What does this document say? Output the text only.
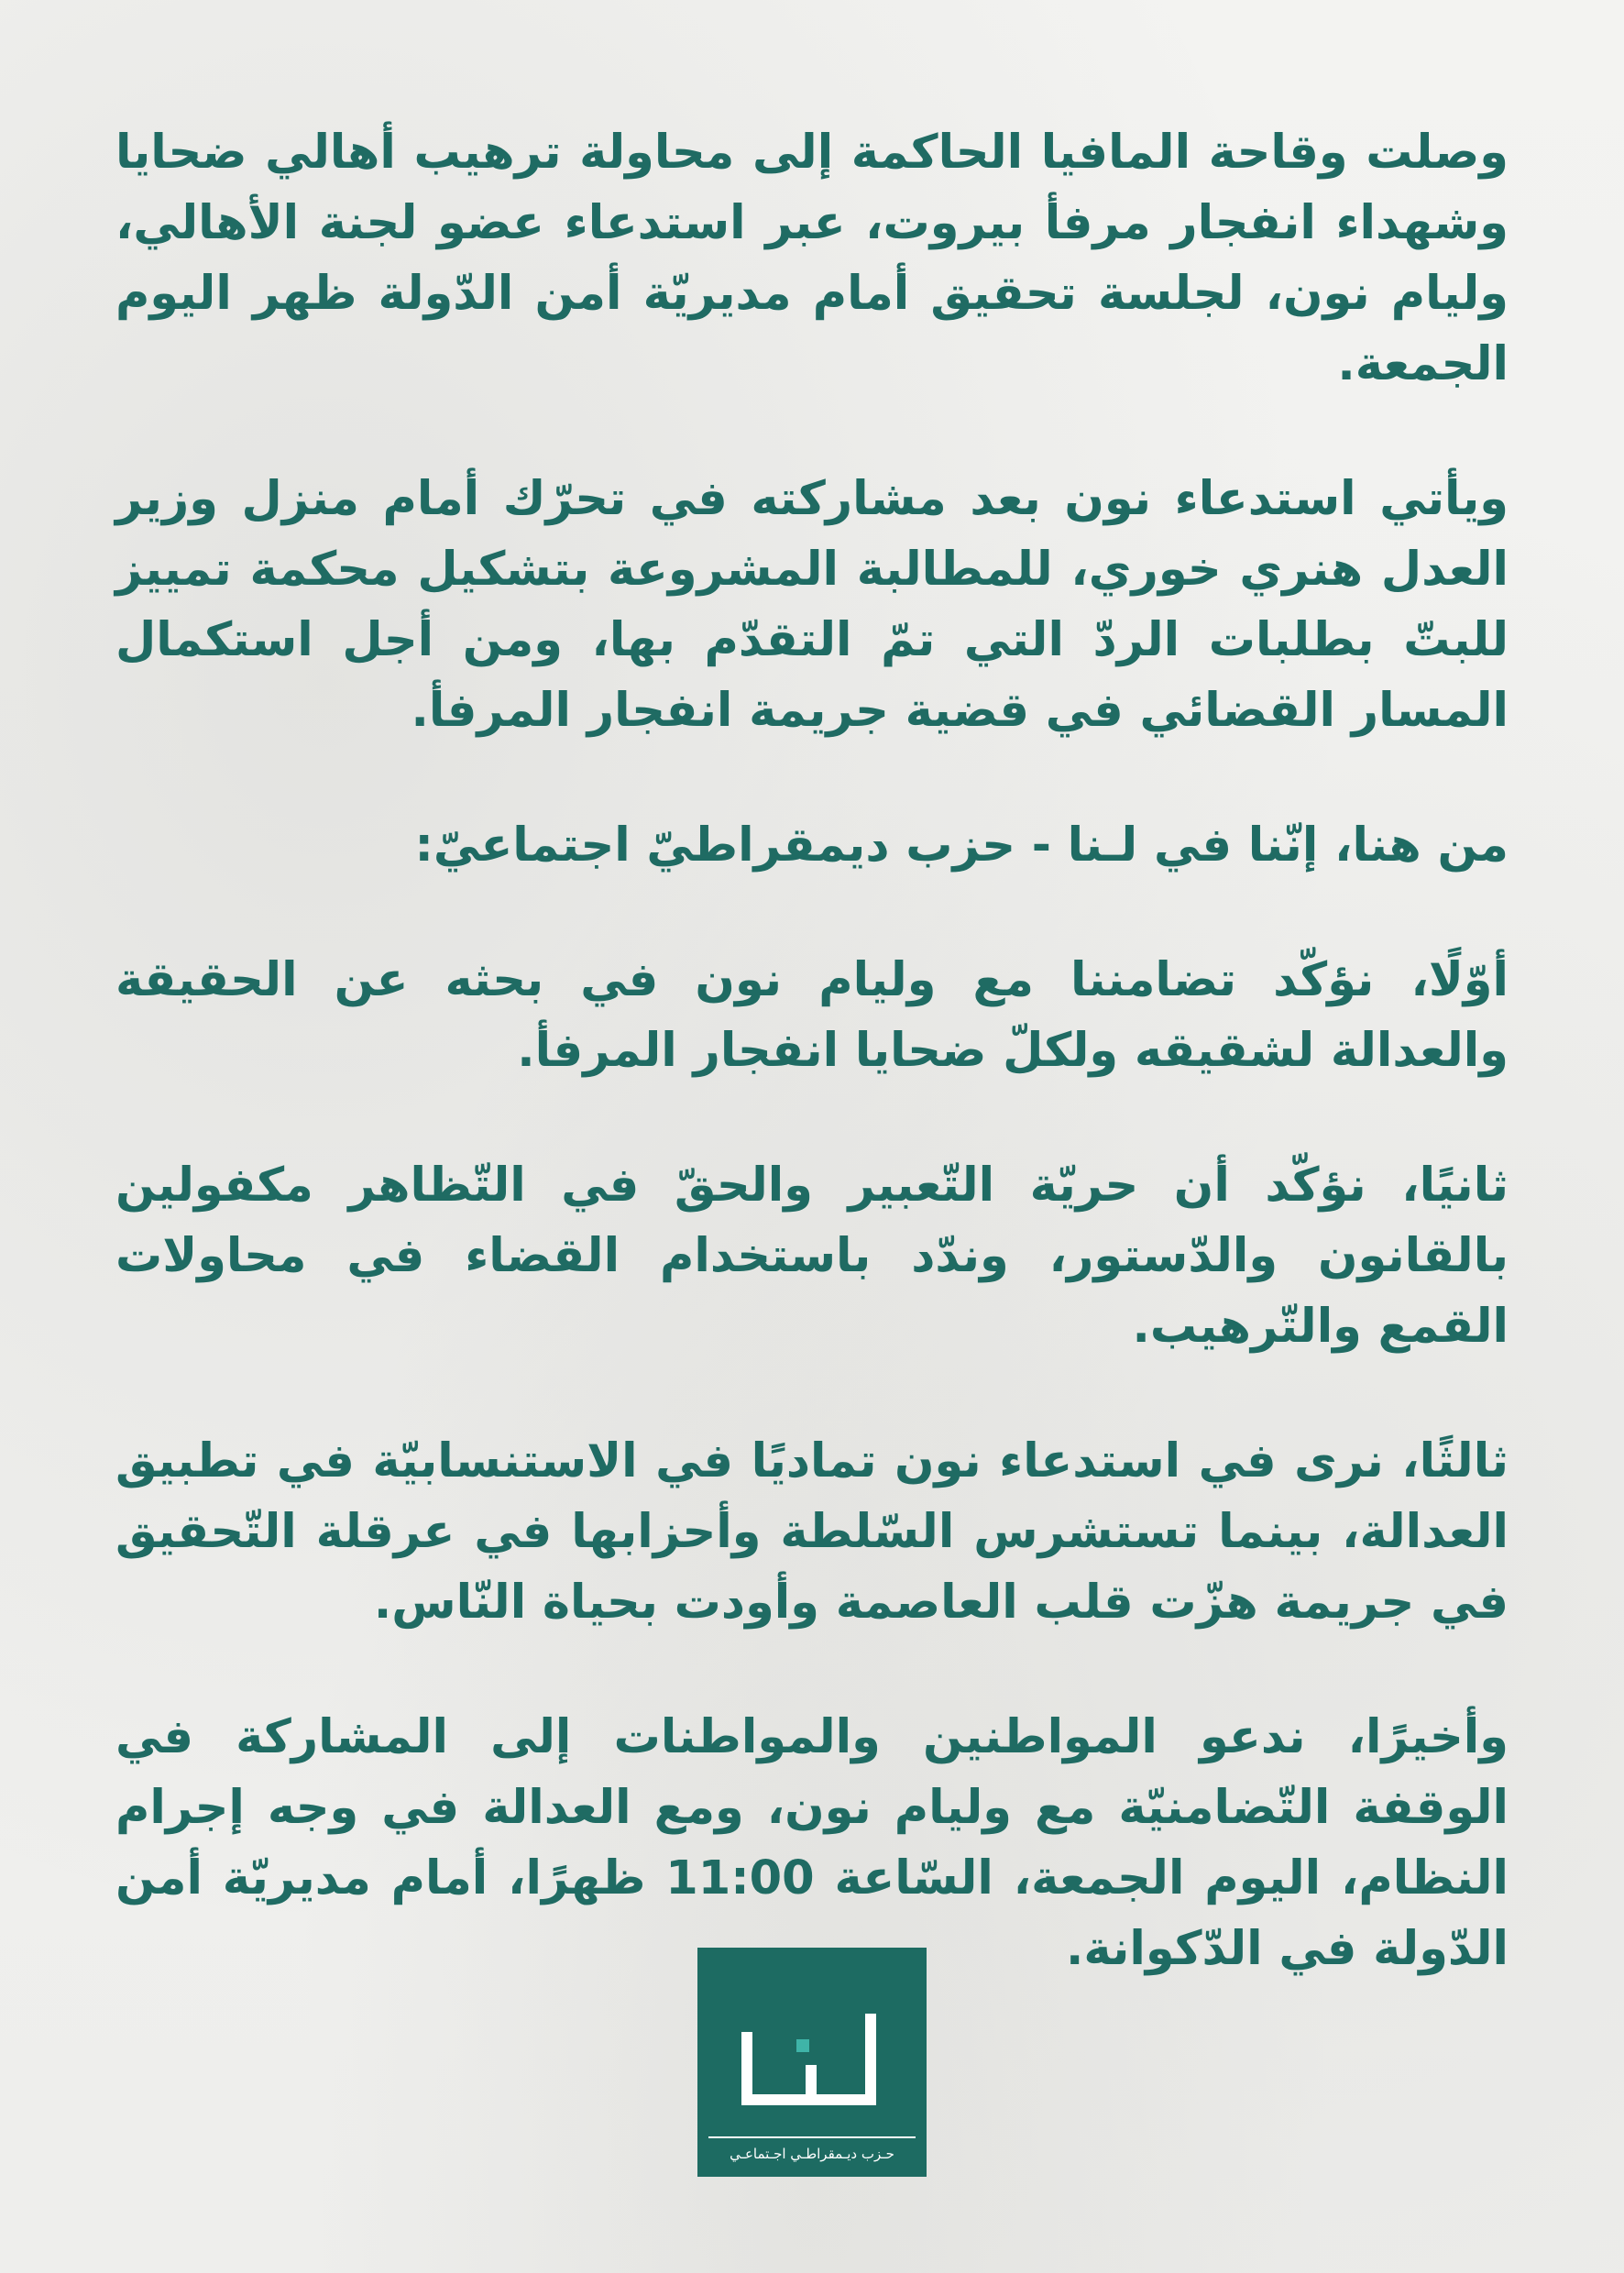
وصلت وقاحة المافيا الحاكمة إلى محاولة ترهيب أهالي ضحايا وشهداء انفجار مرفأ بيروت، عبر استدعاء عضو لجنة الأهالي، وليام نون، لجلسة تحقيق أمام مديريّة أمن الدّولة ظهر اليوم الجمعة.

ويأتي استدعاء نون بعد مشاركته في تحرّك أمام منزل وزير العدل هنري خوري، للمطالبة المشروعة بتشكيل محكمة تمييز للبتّ بطلبات الردّ التي تمّ التقدّم بها، ومن أجل استكمال المسار القضائي في قضية جريمة انفجار المرفأ.

من هنا، إنّنا في لـنا - حزب ديمقراطيّ اجتماعيّ:

أوّلًا، نؤكّد تضامننا مع وليام نون في بحثه عن الحقيقة والعدالة لشقيقه ولكلّ ضحايا انفجار المرفأ.

ثانيًا، نؤكّد أن حريّة التّعبير والحقّ في التّظاهر مكفولين بالقانون والدّستور، وندّد باستخدام القضاء في محاولات القمع والتّرهيب.

ثالثًا، نرى في استدعاء نون تماديًا في الاستنسابيّة في تطبيق العدالة، بينما تستشرس السّلطة وأحزابها في عرقلة التّحقيق في جريمة هزّت قلب العاصمة وأودت بحياة النّاس.

وأخيرًا، ندعو المواطنين والمواطنات إلى المشاركة في الوقفة التّضامنيّة مع وليام نون، ومع العدالة في وجه إجرام النظام، اليوم الجمعة، السّاعة 11:00 ظهرًا، أمام مديريّة أمن الدّولة في الدّكوانة.

حـزب ديـمقراطـي اجـتماعـي
